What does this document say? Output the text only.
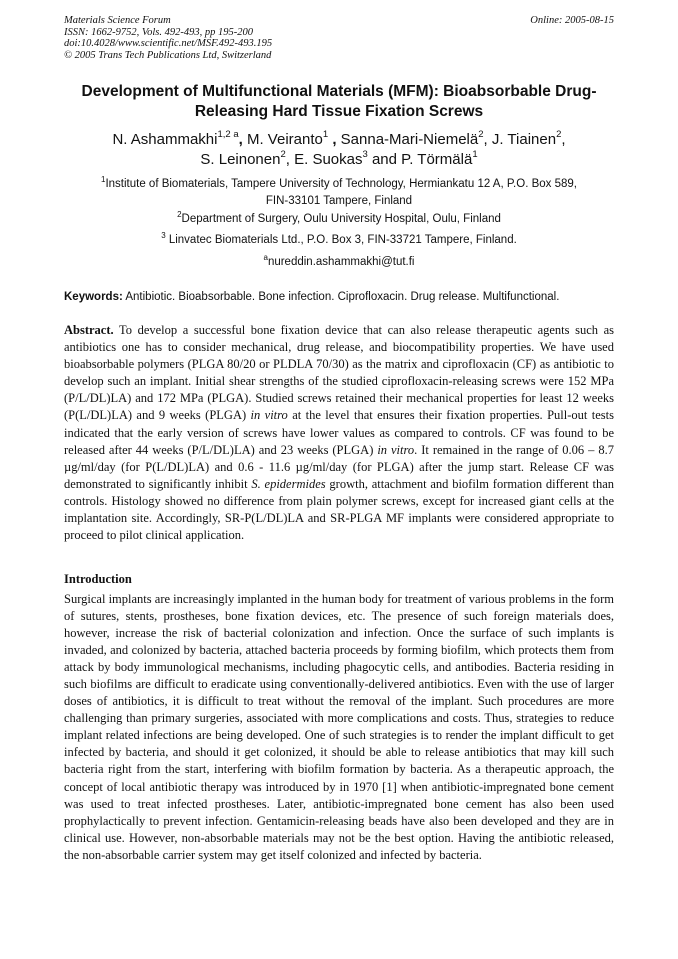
Materials Science Forum
ISSN: 1662-9752, Vols. 492-493, pp 195-200
doi:10.4028/www.scientific.net/MSF.492-493.195
© 2005 Trans Tech Publications Ltd, Switzerland
Online: 2005-08-15
Development of Multifunctional Materials (MFM): Bioabsorbable Drug-
Releasing Hard Tissue Fixation Screws
N. Ashammakhi$^{1,2 a}$, M. Veiranto$^1$ , Sanna-Mari-Niemelä$^2$, J. Tiainen$^2$,
S. Leinonen$^2$, E. Suokas$^3$ and P. Törmälä$^1$
$^1$Institute of Biomaterials, Tampere University of Technology, Hermiankatu 12 A, P.O. Box 589,
FIN-33101 Tampere, Finland
$^2$Department of Surgery, Oulu University Hospital, Oulu, Finland
$^3$ Linvatec Biomaterials Ltd., P.O. Box 3, FIN-33721 Tampere, Finland.
$^a$nureddin.ashammakhi@tut.fi
Keywords: Antibiotic. Bioabsorbable. Bone infection. Ciprofloxacin. Drug release. Multifunctional.

Abstract. To develop a successful bone fixation device that can also release therapeutic agents such as antibiotics one has to consider mechanical, drug release, and biocompatibility properties. We have used bioabsorbable polymers (PLGA 80/20 or PLDLA 70/30) as the matrix and ciprofloxacin (CF) as antibiotic to develop such an implant. Initial shear strengths of the studied ciprofloxacin-releasing screws were 152 MPa (P/L/DL)LA) and 172 MPa (PLGA). Studied screws retained their mechanical properties for least 12 weeks (P(L/DL)LA) and 9 weeks (PLGA) in vitro at the level that ensures their fixation properties. Pull-out tests indicated that the early version of screws have lower values as compared to controls. CF was found to be released after 44 weeks (P/L/DL)LA) and 23 weeks (PLGA) in vitro. It remained in the range of 0.06 – 8.7 µg/ml/day (for P(L/DL)LA) and 0.6 - 11.6 µg/ml/day (for PLGA) after the jump start. Release CF was demonstrated to significantly inhibit S. epidermides growth, attachment and biofilm formation different than controls. Histology showed no difference from plain polymer screws, except for increased giant cells at the implantation site. Accordingly, SR-P(L/DL)LA and SR-PLGA MF implants were considered appropriate to proceed to pilot clinical application.

Introduction

Surgical implants are increasingly implanted in the human body for treatment of various problems in the form of sutures, stents, prostheses, bone fixation devices, etc. The presence of such foreign materials does, however, increase the risk of bacterial colonization and infection. Once the surface of such implants is invaded, and colonized by bacteria, attached bacteria proceeds by forming biofilm, which protects them from attack by body immunological mechanisms, including phagocytic cells, and antibodies. Bacteria residing in such biofilms are difficult to eradicate using conventionally-delivered antibiotics. Even with the use of larger doses of antibiotics, it is difficult to treat without the removal of the implant. Such procedures are more challenging than primary surgeries, associated with more complications and costs. Thus, strategies to reduce implant related infections are being developed. One of such strategies is to render the implant difficult to get infected by bacteria, and should it get colonized, it should be able to release antibiotics that may kill such bacteria right from the start, interfering with biofilm formation by bacteria. As a therapeutic approach, the concept of local antibiotic therapy was introduced by in 1970 [1] when antibiotic-impregnated bone cement was used to treat infected prostheses. Later, antibiotic-impregnated bone cement has also been used prophylactically to prevent infection. Gentamicin-releasing beads have also been developed and they are in clinical use. However, non-absorbable materials may not be the best option. Having the antibiotic released, the non-absorbable carrier system may get itself colonized and infected by bacteria.
